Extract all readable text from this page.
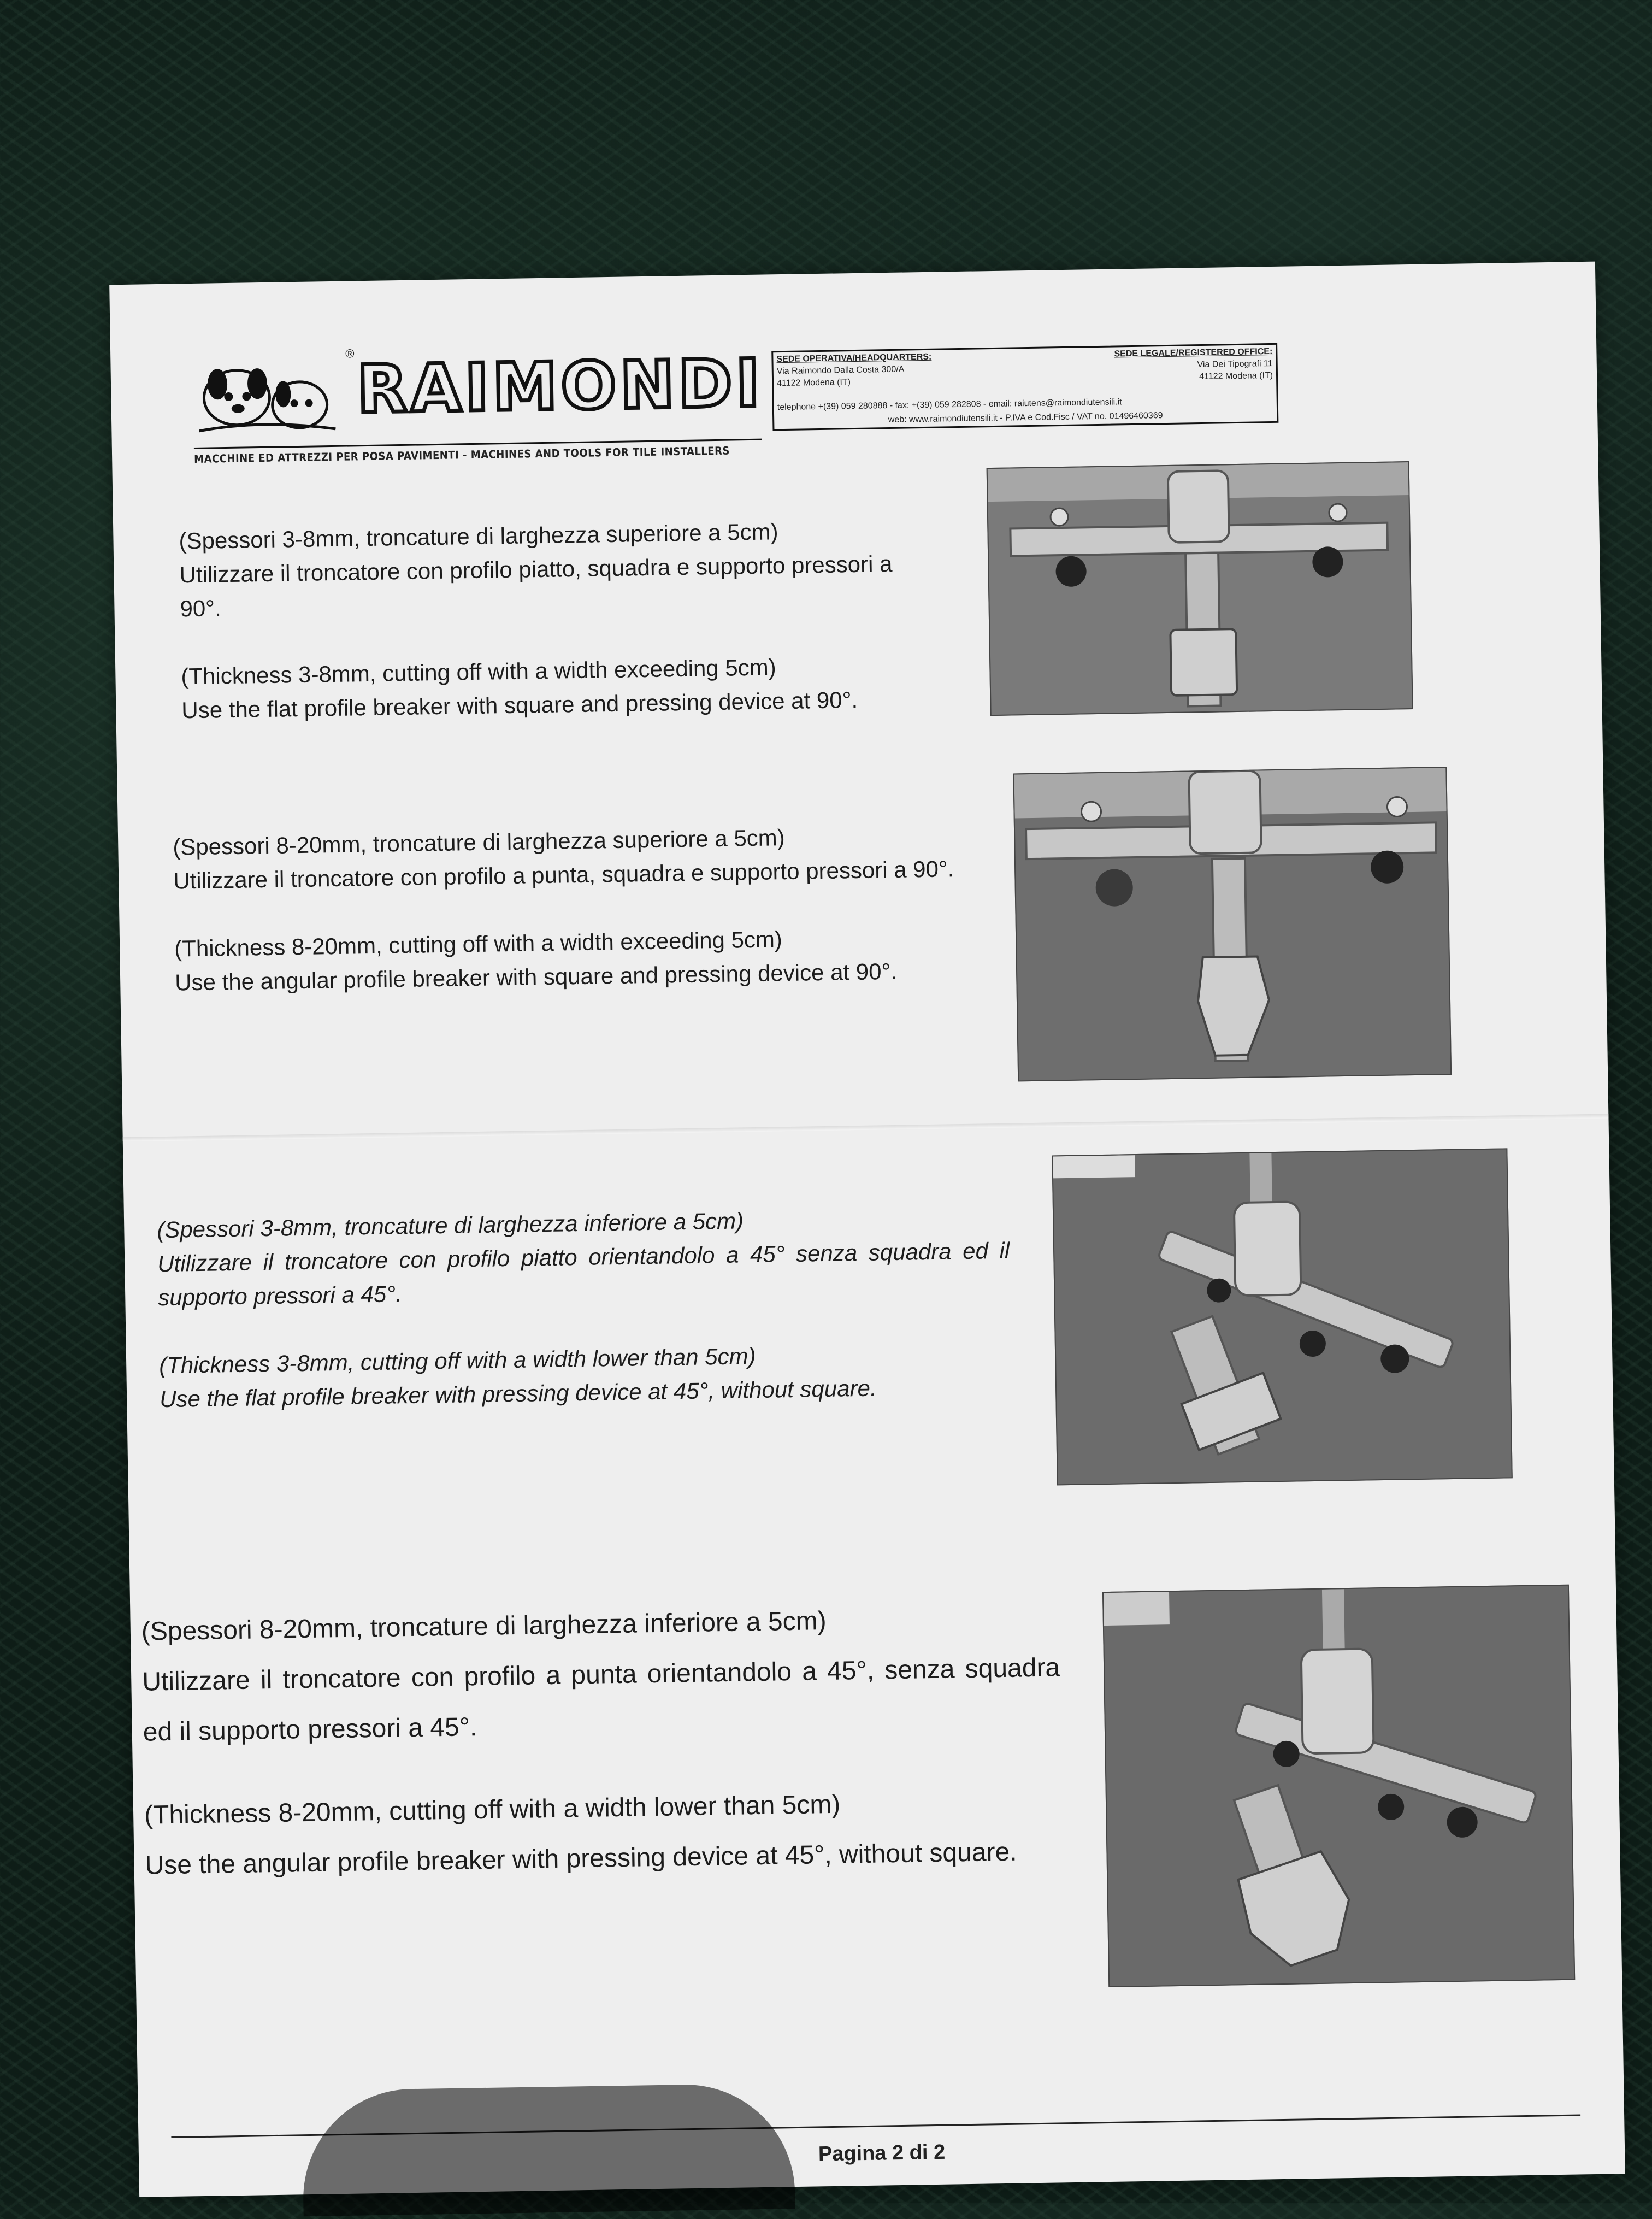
® RAIMONDI
MACCHINE ED ATTREZZI PER POSA PAVIMENTI - MACHINES AND TOOLS FOR TILE INSTALLERS
SEDE OPERATIVA/HEADQUARTERS:
Via Raimondo Dalla Costa 300/A
41122 Modena (IT)
SEDE LEGALE/REGISTERED OFFICE:
Via Dei Tipografi 11
41122 Modena (IT)
telephone +(39) 059 280888 - fax: +(39) 059 282808 - email: raiutens@raimondiutensili.it
web: www.raimondiutensili.it - P.IVA e Cod.Fisc / VAT no. 01496460369

(Spessori 3-8mm, troncature di larghezza superiore a 5cm)

Utilizzare il troncatore con profilo piatto, squadra e supporto pressori a 90°.

(Thickness 3-8mm, cutting off with a width exceeding 5cm)

Use the flat profile breaker with square and pressing device at 90°.

(Spessori 8-20mm, troncature di larghezza superiore a 5cm)

Utilizzare il troncatore con profilo a punta, squadra e supporto pressori a 90°.

(Thickness 8-20mm, cutting off with a width exceeding 5cm)

Use the angular profile breaker with square and pressing device at 90°.

(Spessori 3-8mm, troncature di larghezza inferiore a 5cm)

Utilizzare il troncatore con profilo piatto orientandolo a 45° senza squadra ed il supporto pressori a 45°.

(Thickness 3-8mm, cutting off with a width lower than 5cm)

Use the flat profile breaker with pressing device at 45°, without square.

(Spessori 8-20mm, troncature di larghezza inferiore a 5cm)

Utilizzare il troncatore con profilo a punta orientandolo a 45°, senza squadra ed il supporto pressori a 45°.

(Thickness 8-20mm, cutting off with a width lower than 5cm)

Use the angular profile breaker with pressing device at 45°, without square.

Pagina 2 di 2
